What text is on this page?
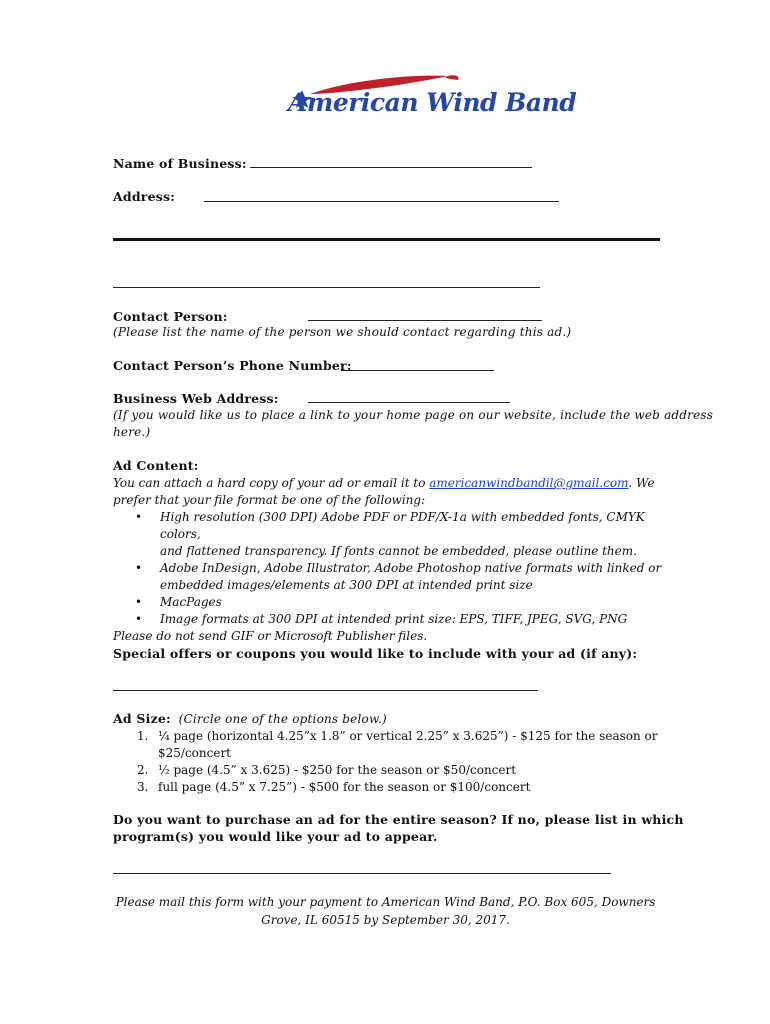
American Wind Band
Name of Business:
Address:
Contact Person:
(Please list the name of the person we should contact regarding this ad.)
Contact Person’s Phone Number:
Business Web Address:
(If you would like us to place a link to your home page on our website, include the web address
here.)
Ad Content:
You can attach a hard copy of your ad or email it to americanwindbandil@gmail.com. We
prefer that your file format be one of the following:
• High resolution (300 DPI) Adobe PDF or PDF/X-1a with embedded fonts, CMYK colors,
and flattened transparency. If fonts cannot be embedded, please outline them.
• Adobe InDesign, Adobe Illustrator, Adobe Photoshop native formats with linked or
embedded images/elements at 300 DPI at intended print size
• MacPages
• Image formats at 300 DPI at intended print size: EPS, TIFF, JPEG, SVG, PNG
Please do not send GIF or Microsoft Publisher files.
Special offers or coupons you would like to include with your ad (if any):
Ad Size: (Circle one of the options below.)
1. ¼ page (horizontal 4.25”x 1.8” or vertical 2.25” x 3.625”) - $125 for the season or
$25/concert
2. ½ page (4.5” x 3.625) - $250 for the season or $50/concert
3. full page (4.5” x 7.25”) - $500 for the season or $100/concert
Do you want to purchase an ad for the entire season? If no, please list in which
program(s) you would like your ad to appear.
Please mail this form with your payment to American Wind Band, P.O. Box 605, Downers
Grove, IL 60515 by September 30, 2017.
